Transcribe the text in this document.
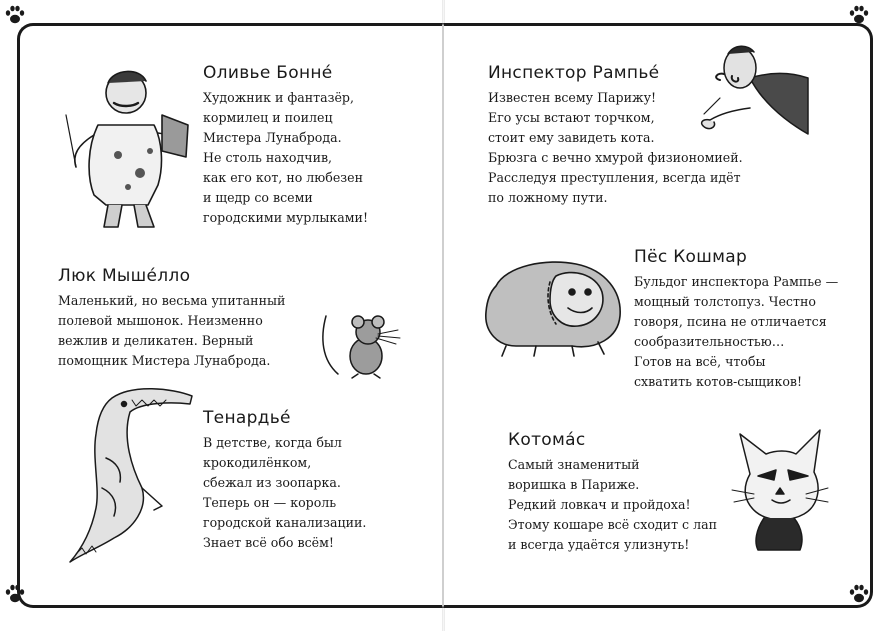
Оливье Бонне́
Художник и фантазёр,
кормилец и поилец
Мистера Лунаброда.
Не столь находчив,
как его кот, но любезен
и щедр со всеми
городскими мурлыками!
Люк Мыше́лло
Маленький, но весьма упитанный
полевой мышонок. Неизменно
вежлив и деликатен. Верный
помощник Мистера Лунаброда.
Тенардье́
В детстве, когда был
крокодилёнком,
сбежал из зоопарка.
Теперь он — король
городской канализации.
Знает всё обо всём!
Инспектор Рампье́
Известен всему Парижу!
Его усы встают торчком,
стоит ему завидеть кота.
Брюзга с вечно хмурой физиономией.
Расследуя преступления, всегда идёт
по ложному пути.
Пёс Кошмар
Бульдог инспектора Рампье —
мощный толстопуз. Честно
говоря, псина не отличается
сообразительностью…
Готов на всё, чтобы
схватить котов-сыщиков!
Котома́с
Самый знаменитый
воришка в Париже.
Редкий ловкач и пройдоха!
Этому кошаре всё сходит с лап
и всегда удаётся улизнуть!
